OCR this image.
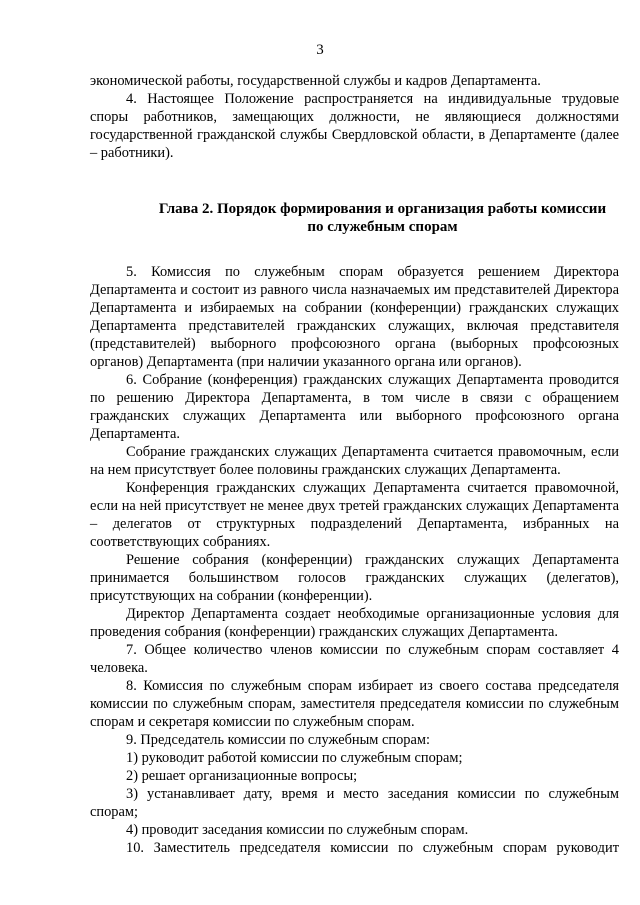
3

экономической работы, государственной службы и кадров Департамента.

4. Настоящее Положение распространяется на индивидуальные трудовые споры работников, замещающих должности, не являющиеся должностями государственной гражданской службы Свердловской области, в Департаменте (далее – работники).

Глава 2. Порядок формирования и организация работы комиссии
по служебным спорам

5. Комиссия по служебным спорам образуется решением Директора Департамента и состоит из равного числа назначаемых им представителей Директора Департамента и избираемых на собрании (конференции) гражданских служащих Департамента представителей гражданских служащих, включая представителя (представителей) выборного профсоюзного органа (выборных профсоюзных органов) Департамента (при наличии указанного органа или органов).

6. Собрание (конференция) гражданских служащих Департамента проводится по решению Директора Департамента, в том числе в связи с обращением гражданских служащих Департамента или выборного профсоюзного органа Департамента.

Собрание гражданских служащих Департамента считается правомочным, если на нем присутствует более половины гражданских служащих Департамента.

Конференция гражданских служащих Департамента считается правомочной, если на ней присутствует не менее двух третей гражданских служащих Департамента – делегатов от структурных подразделений Департамента, избранных на соответствующих собраниях.

Решение собрания (конференции) гражданских служащих Департамента принимается большинством голосов гражданских служащих (делегатов), присутствующих на собрании (конференции).

Директор Департамента создает необходимые организационные условия для проведения собрания (конференции) гражданских служащих Департамента.

7. Общее количество членов комиссии по служебным спорам составляет 4 человека.

8. Комиссия по служебным спорам избирает из своего состава председателя комиссии по служебным спорам, заместителя председателя комиссии по служебным спорам и секретаря комиссии по служебным спорам.

9. Председатель комиссии по служебным спорам:

1) руководит работой комиссии по служебным спорам;

2) решает организационные вопросы;

3) устанавливает дату, время и место заседания комиссии по служебным спорам;

4) проводит заседания комиссии по служебным спорам.

10. Заместитель председателя комиссии по служебным спорам руководит
